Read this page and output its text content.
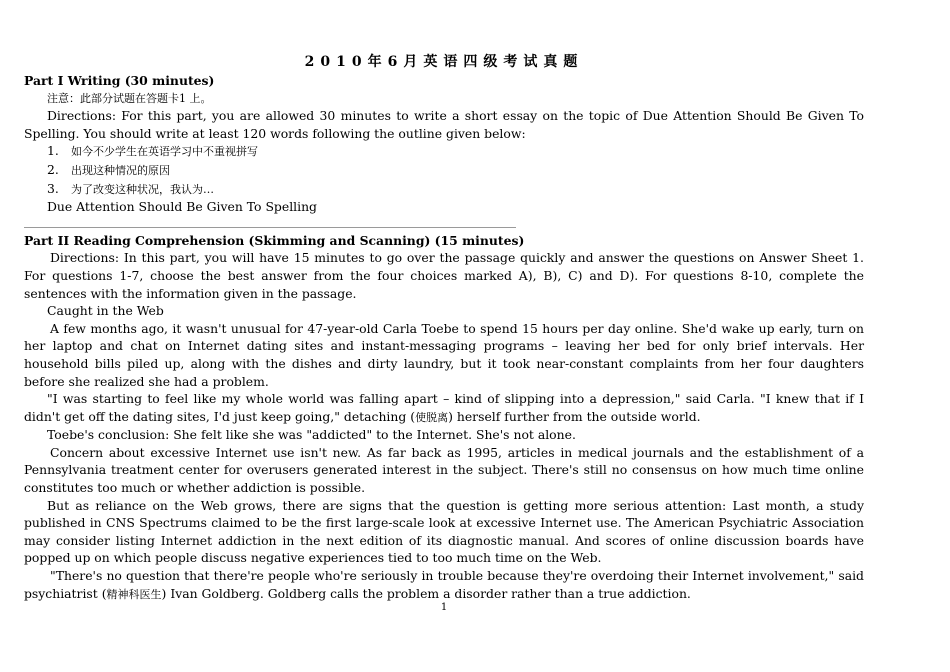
2010年6月英语四级考试真题

Part I Writing (30 minutes)

注意：此部分试题在答题卡1 上。

Directions: For this part, you are allowed 30 minutes to write a short essay on the topic of Due Attention Should Be Given To Spelling. You should write at least 120 words following the outline given below:

1. 如今不少学生在英语学习中不重视拼写
2. 出现这种情况的原因
3. 为了改变这种状况，我认为…

Due Attention Should Be Given To Spelling

Part II Reading Comprehension (Skimming and Scanning) (15 minutes)

Directions: In this part, you will have 15 minutes to go over the passage quickly and answer the questions on Answer Sheet 1. For questions 1-7, choose the best answer from the four choices marked A), B), C) and D). For questions 8-10, complete the sentences with the information given in the passage.

Caught in the Web

A few months ago, it wasn't unusual for 47-year-old Carla Toebe to spend 15 hours per day online. She'd wake up early, turn on her laptop and chat on Internet dating sites and instant-messaging programs – leaving her bed for only brief intervals. Her household bills piled up, along with the dishes and dirty laundry, but it took near-constant complaints from her four daughters before she realized she had a problem.

"I was starting to feel like my whole world was falling apart – kind of slipping into a depression," said Carla. "I knew that if I didn't get off the dating sites, I'd just keep going," detaching (使脱离) herself further from the outside world.

Toebe's conclusion: She felt like she was "addicted" to the Internet. She's not alone.

Concern about excessive Internet use isn't new. As far back as 1995, articles in medical journals and the establishment of a Pennsylvania treatment center for overusers generated interest in the subject. There's still no consensus on how much time online constitutes too much or whether addiction is possible.

But as reliance on the Web grows, there are signs that the question is getting more serious attention: Last month, a study published in CNS Spectrums claimed to be the first large-scale look at excessive Internet use. The American Psychiatric Association may consider listing Internet addiction in the next edition of its diagnostic manual. And scores of online discussion boards have popped up on which people discuss negative experiences tied to too much time on the Web.

"There's no question that there're people who're seriously in trouble because they're overdoing their Internet involvement," said psychiatrist (精神科医生) Ivan Goldberg. Goldberg calls the problem a disorder rather than a true addiction.

1
